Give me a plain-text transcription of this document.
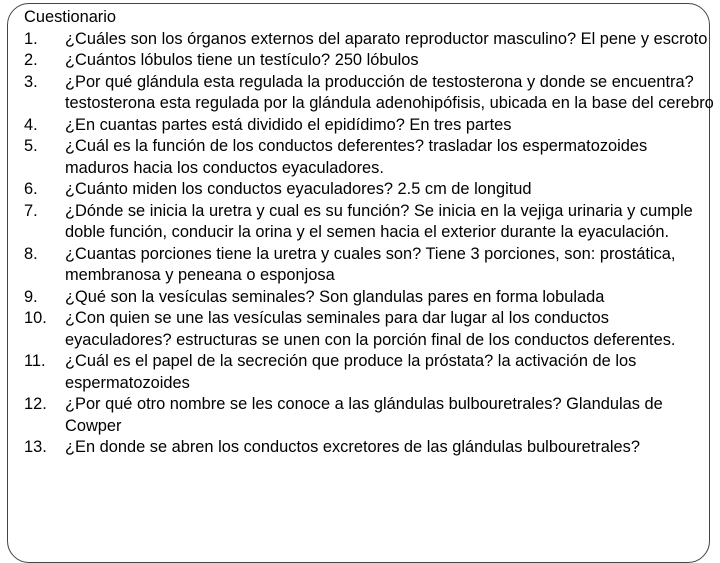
Cuestionario
1.	¿Cuáles son los órganos externos del aparato reproductor masculino? El pene y escroto
2.	¿Cuántos lóbulos tiene un testículo? 250 lóbulos
3.	¿Por qué glándula esta regulada la producción de testosterona y donde se encuentra? testosterona esta regulada por la glándula adenohipófisis, ubicada en la base del cerebro
4.	¿En cuantas partes está dividido el epidídimo? En tres partes
5.	¿Cuál es la función de los conductos deferentes? trasladar los espermatozoides maduros hacia los conductos eyaculadores.
6.	¿Cuánto miden los conductos eyaculadores? 2.5 cm de longitud
7.	¿Dónde se inicia la uretra y cual es su función? Se inicia en la vejiga urinaria y cumple doble función, conducir la orina y el semen hacia el exterior durante la eyaculación.
8.	¿Cuantas porciones tiene la uretra y cuales son? Tiene 3 porciones, son: prostática, membranosa y peneana o esponjosa
9.	¿Qué son la vesículas seminales? Son glandulas pares en forma lobulada
10.	¿Con quien se une las vesículas seminales para dar lugar al los conductos eyaculadores? estructuras se unen con la porción final de los conductos deferentes.
11.	¿Cuál es el papel de la secreción que produce la próstata? la activación de los espermatozoides
12.	¿Por qué otro nombre se les conoce a las glándulas bulbouretrales? Glandulas de Cowper
13.	¿En donde se abren los conductos excretores de las glándulas bulbouretrales?
